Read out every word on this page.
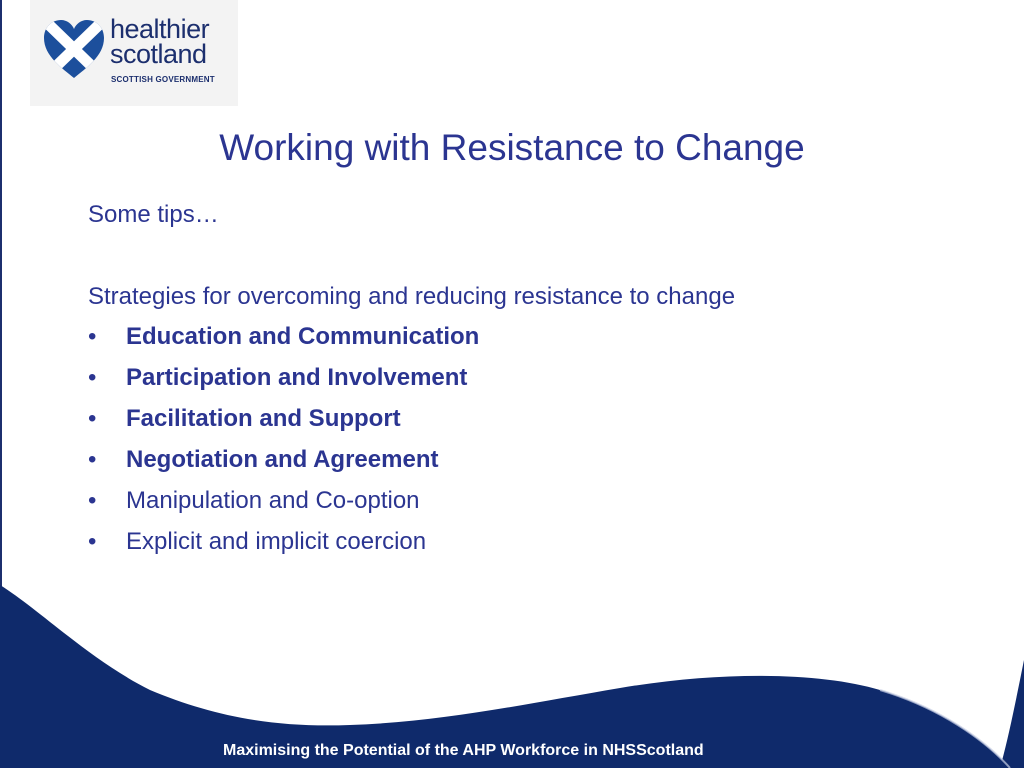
healthier
scotland
SCOTTISH GOVERNMENT
Working with Resistance to Change
Some tips…
Strategies for overcoming and reducing resistance to change
•	Education and Communication
•	Participation and Involvement
•	Facilitation and Support
•	Negotiation and Agreement
•	Manipulation and Co-option
•	Explicit and implicit coercion
Maximising the Potential of the AHP Workforce in NHSScotland
